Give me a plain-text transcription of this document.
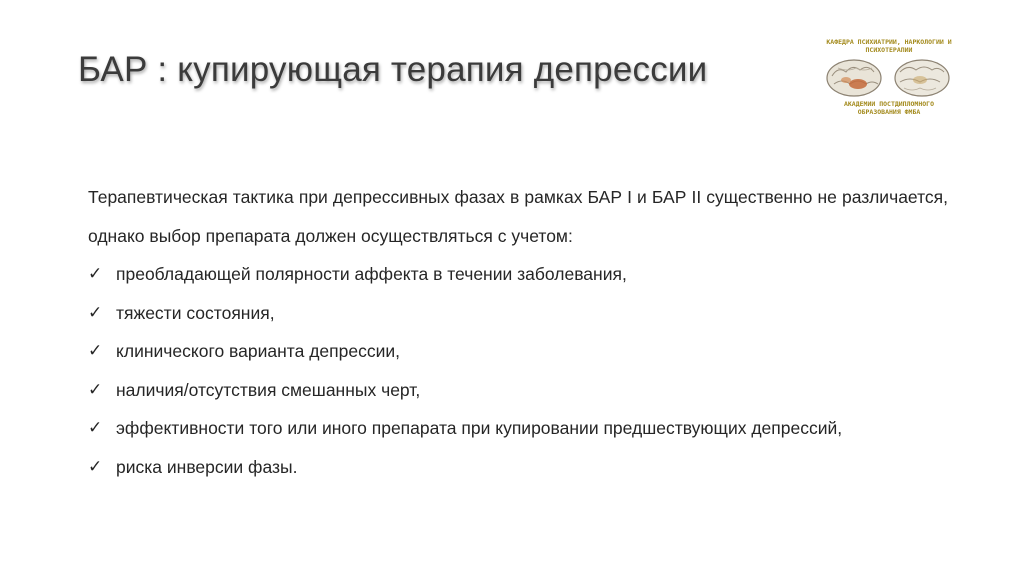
БАР : купирующая терапия депрессии
КАФЕДРА ПСИХИАТРИИ, НАРКОЛОГИИ И ПСИХОТЕРАПИИ
АКАДЕМИИ ПОСТДИПЛОМНОГО ОБРАЗОВАНИЯ ФМБА
Терапевтическая тактика при депрессивных фазах в рамках БАР I и БАР II существенно не различается, однако выбор препарата должен осуществляться с учетом:
✓ преобладающей полярности аффекта в течении заболевания,
✓ тяжести состояния,
✓ клинического варианта депрессии,
✓ наличия/отсутствия смешанных черт,
✓ эффективности того или иного препарата при купировании предшествующих депрессий,
✓ риска инверсии фазы.
